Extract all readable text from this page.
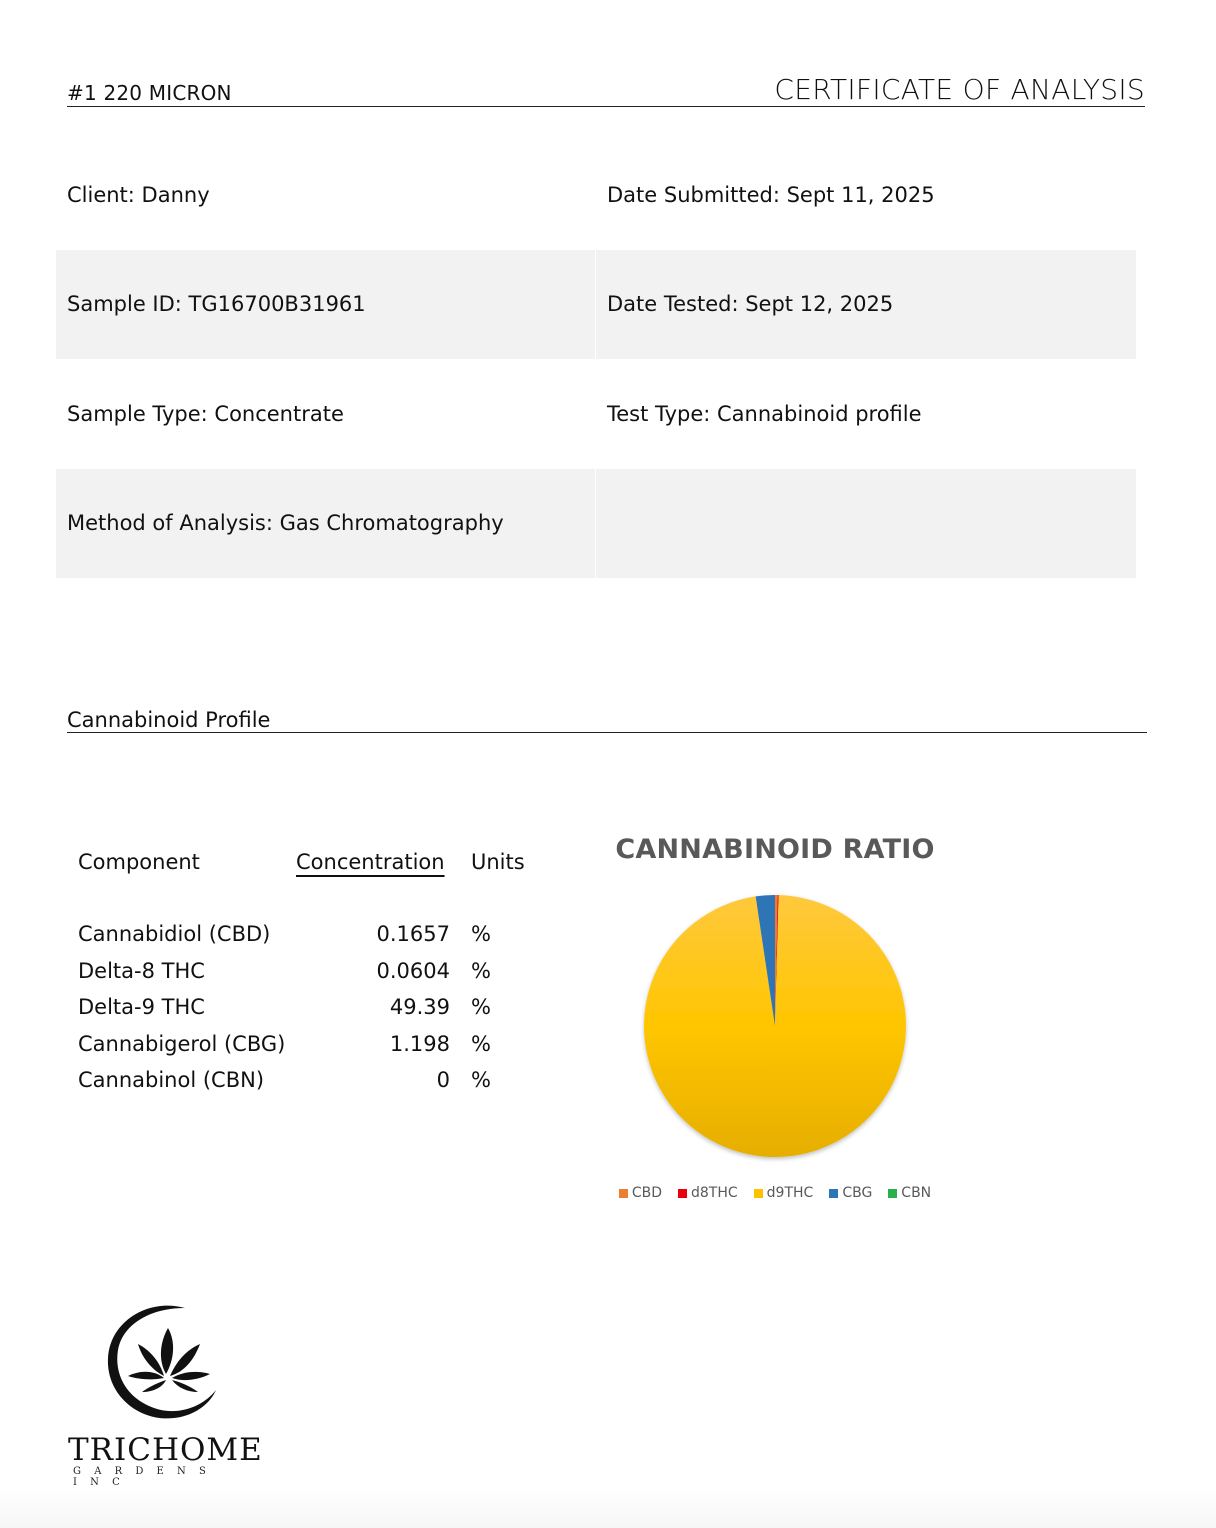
#1 220 MICRON	CERTIFICATE OF ANALYSIS
Client: Danny	Date Submitted: Sept 11, 2025
Sample ID: TG16700B31961	Date Tested: Sept 12, 2025
Sample Type: Concentrate	Test Type: Cannabinoid profile
Method of Analysis: Gas Chromatography
Cannabinoid Profile
Component	Concentration Units
Cannabidiol (CBD)	0.1657 %
Delta-8 THC	0.0604 %
Delta-9 THC	49.39 %
Cannabigerol (CBG)	1.198 %
Cannabinol (CBN)	0 %
CANNABINOID RATIO
CBD d8THC d9THC CBG CBN
TRICHOME
GARDENS INC
